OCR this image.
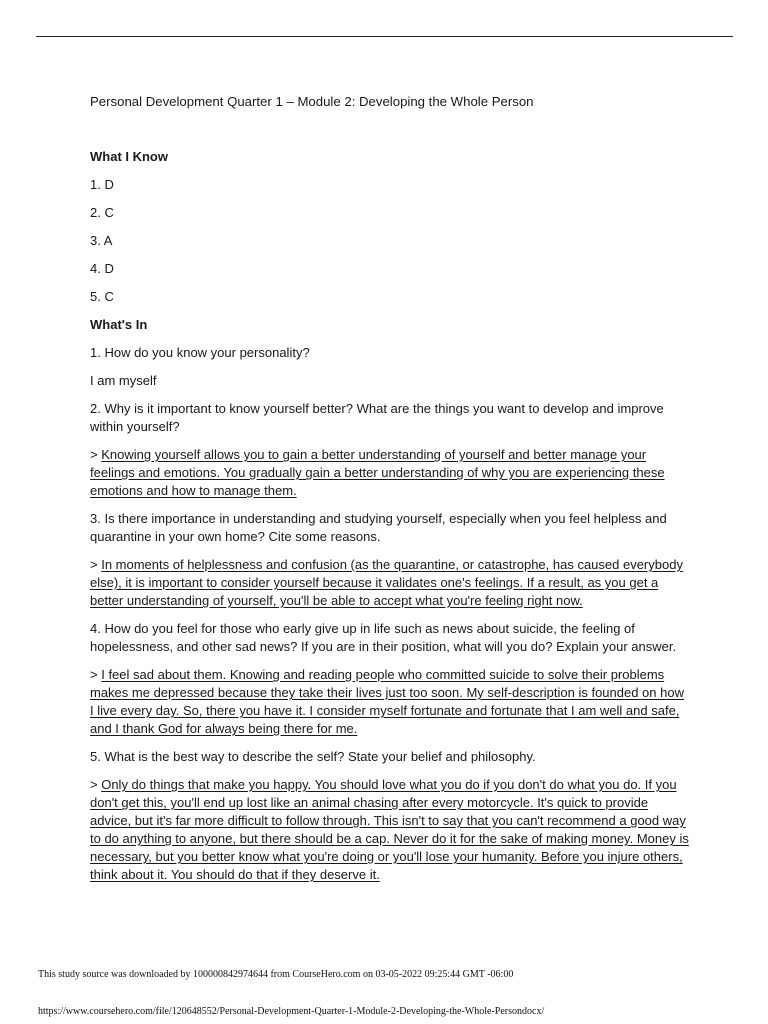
Personal Development Quarter 1 – Module 2: Developing the Whole Person

What I Know

1. D
2. C
3. A
4. D
5. C

What's In

1. How do you know your personality?

I am myself

2. Why is it important to know yourself better? What are the things you want to develop and improve within yourself?

> Knowing yourself allows you to gain a better understanding of yourself and better manage your feelings and emotions. You gradually gain a better understanding of why you are experiencing these emotions and how to manage them.

3. Is there importance in understanding and studying yourself, especially when you feel helpless and quarantine in your own home? Cite some reasons.

> In moments of helplessness and confusion (as the quarantine, or catastrophe, has caused everybody else), it is important to consider yourself because it validates one's feelings. If a result, as you get a better understanding of yourself, you'll be able to accept what you're feeling right now.

4. How do you feel for those who early give up in life such as news about suicide, the feeling of hopelessness, and other sad news? If you are in their position, what will you do? Explain your answer.

> I feel sad about them. Knowing and reading people who committed suicide to solve their problems makes me depressed because they take their lives just too soon. My self-description is founded on how I live every day. So, there you have it. I consider myself fortunate and fortunate that I am well and safe, and I thank God for always being there for me.

5. What is the best way to describe the self? State your belief and philosophy.

> Only do things that make you happy. You should love what you do if you don't do what you do. If you don't get this, you'll end up lost like an animal chasing after every motorcycle. It's quick to provide advice, but it's far more difficult to follow through. This isn't to say that you can't recommend a good way to do anything to anyone, but there should be a cap. Never do it for the sake of making money. Money is necessary, but you better know what you're doing or you'll lose your humanity. Before you injure others, think about it. You should do that if they deserve it.

This study source was downloaded by 100000842974644 from CourseHero.com on 03-05-2022 09:25:44 GMT -06:00
https://www.coursehero.com/file/120648552/Personal-Development-Quarter-1-Module-2-Developing-the-Whole-Persondocx/
